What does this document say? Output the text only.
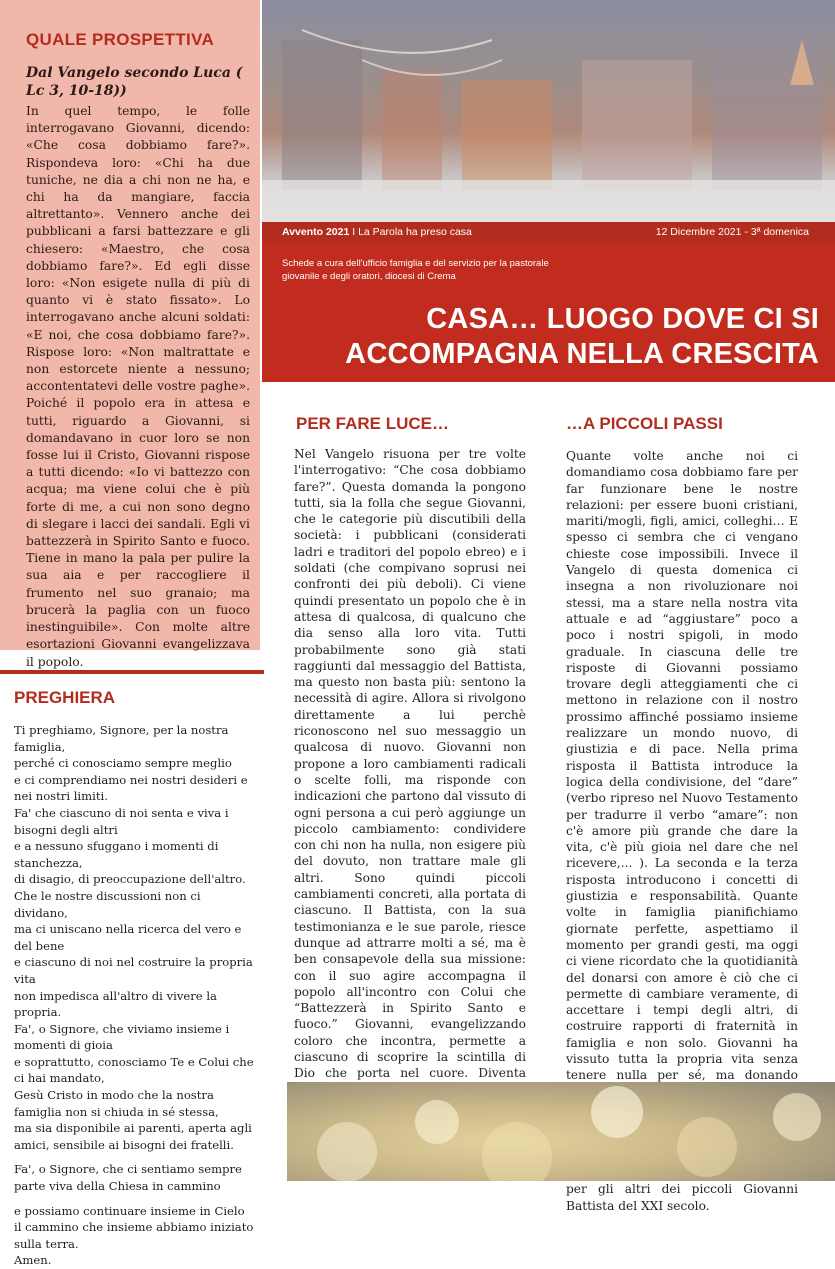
QUALE PROSPETTIVA
Dal Vangelo secondo Luca ( Lc 3, 10-18))

In quel tempo, le folle interrogavano Giovanni, dicendo: «Che cosa dobbiamo fare?». Rispondeva loro: «Chi ha due tuniche, ne dia a chi non ne ha, e chi ha da mangiare, faccia altrettanto». Vennero anche dei pubblicani a farsi battezzare e gli chiesero: «Maestro, che cosa dobbiamo fare?». Ed egli disse loro: «Non esigete nulla di più di quanto vi è stato fissato». Lo interrogavano anche alcuni soldati: «E noi, che cosa dobbiamo fare?». Rispose loro: «Non maltrattate e non estorcete niente a nessuno; accontentatevi delle vostre paghe». Poiché il popolo era in attesa e tutti, riguardo a Giovanni, si domandavano in cuor loro se non fosse lui il Cristo, Giovanni rispose a tutti dicendo: «Io vi battezzo con acqua; ma viene colui che è più forte di me, a cui non sono degno di slegare i lacci dei sandali. Egli vi battezzerà in Spirito Santo e fuoco. Tiene in mano la pala per pulire la sua aia e per raccogliere il frumento nel suo granaio; ma brucerà la paglia con un fuoco inestinguibile». Con molte altre esortazioni Giovanni evangelizzava il popolo.

PREGHIERA
Ti preghiamo, Signore, per la nostra famiglia,
perché ci conosciamo sempre meglio
e ci comprendiamo nei nostri desideri e nei nostri limiti.
Fa' che ciascuno di noi senta e viva i bisogni degli altri
e a nessuno sfuggano i momenti di stanchezza,
di disagio, di preoccupazione dell'altro.
Che le nostre discussioni non ci dividano,
ma ci uniscano nella ricerca del vero e del bene
e ciascuno di noi nel costruire la propria vita
non impedisca all'altro di vivere la propria.
Fa', o Signore, che viviamo insieme i momenti di gioia
e soprattutto, conosciamo Te e Colui che ci hai mandato,
Gesù Cristo in modo che la nostra famiglia non si chiuda in sé stessa,
ma sia disponibile ai parenti, aperta agli amici, sensibile ai bisogni dei fratelli.
Fa', o Signore, che ci sentiamo sempre parte viva della Chiesa in cammino
e possiamo continuare insieme in Cielo il cammino che insieme abbiamo iniziato sulla terra.
Amen.
Avvento 2021 I La Parola ha preso casa	12 Dicembre 2021 - 3ª domenica
Schede a cura dell'ufficio famiglia e del servizio per la pastorale giovanile e degli oratori, diocesi di Crema
CASA… LUOGO DOVE CI SI
ACCOMPAGNA NELLA CRESCITA
PER FARE LUCE…

Nel Vangelo risuona per tre volte l'interrogativo: “Che cosa dobbiamo fare?”. Questa domanda la pongono tutti, sia la folla che segue Giovanni, che le categorie più discutibili della società: i pubblicani (considerati ladri e traditori del popolo ebreo) e i soldati (che compivano soprusi nei confronti dei più deboli). Ci viene quindi presentato un popolo che è in attesa di qualcosa, di qualcuno che dia senso alla loro vita. Tutti probabilmente sono già stati raggiunti dal messaggio del Battista, ma questo non basta più: sentono la necessità di agire. Allora si rivolgono direttamente a lui perchè riconoscono nel suo messaggio un qualcosa di nuovo. Giovanni non propone a loro cambiamenti radicali o scelte folli, ma risponde con indicazioni che partono dal vissuto di ogni persona a cui però aggiunge un piccolo cambiamento: condividere con chi non ha nulla, non esigere più del dovuto, non trattare male gli altri. Sono quindi piccoli cambiamenti concreti, alla portata di ciascuno. Il Battista, con la sua testimonianza e le sue parole, riesce dunque ad attrarre molti a sé, ma è ben consapevole della sua missione: con il suo agire accompagna il popolo all'incontro con Colui che “Battezzerà in Spirito Santo e fuoco.” Giovanni, evangelizzando coloro che incontra, permette a ciascuno di scoprire la scintilla di Dio che porta nel cuore. Diventa

…A PICCOLI PASSI

Quante volte anche noi ci domandiamo cosa dobbiamo fare per far funzionare bene le nostre relazioni: per essere buoni cristiani, mariti/mogli, figli, amici, colleghi… E spesso ci sembra che ci vengano chieste cose impossibili. Invece il Vangelo di questa domenica ci insegna a non rivoluzionare noi stessi, ma a stare nella nostra vita attuale e ad “aggiustare” poco a poco i nostri spigoli, in modo graduale. In ciascuna delle tre risposte di Giovanni possiamo trovare degli atteggiamenti che ci mettono in relazione con il nostro prossimo affinché possiamo insieme realizzare un mondo nuovo, di giustizia e di pace. Nella prima risposta il Battista introduce la logica della condivisione, del “dare” (verbo ripreso nel Nuovo Testamento per tradurre il verbo “amare”: non c'è amore più grande che dare la vita, c'è più gioia nel dare che nel ricevere,... ). La seconda e la terza risposta introducono i concetti di giustizia e responsabilità. Quante volte in famiglia pianifichiamo giornate perfette, aspettiamo il momento per grandi gesti, ma oggi ci viene ricordato che la quotidianità del donarsi con amore è ciò che ci permette di cambiare veramente, di accettare i tempi degli altri, di costruire rapporti di fraternità in famiglia e non solo. Giovanni ha vissuto tutta la propria vita senza tenere nulla per sé, ma donando per gli altri dei piccoli Giovanni Battista del XXI secolo.
